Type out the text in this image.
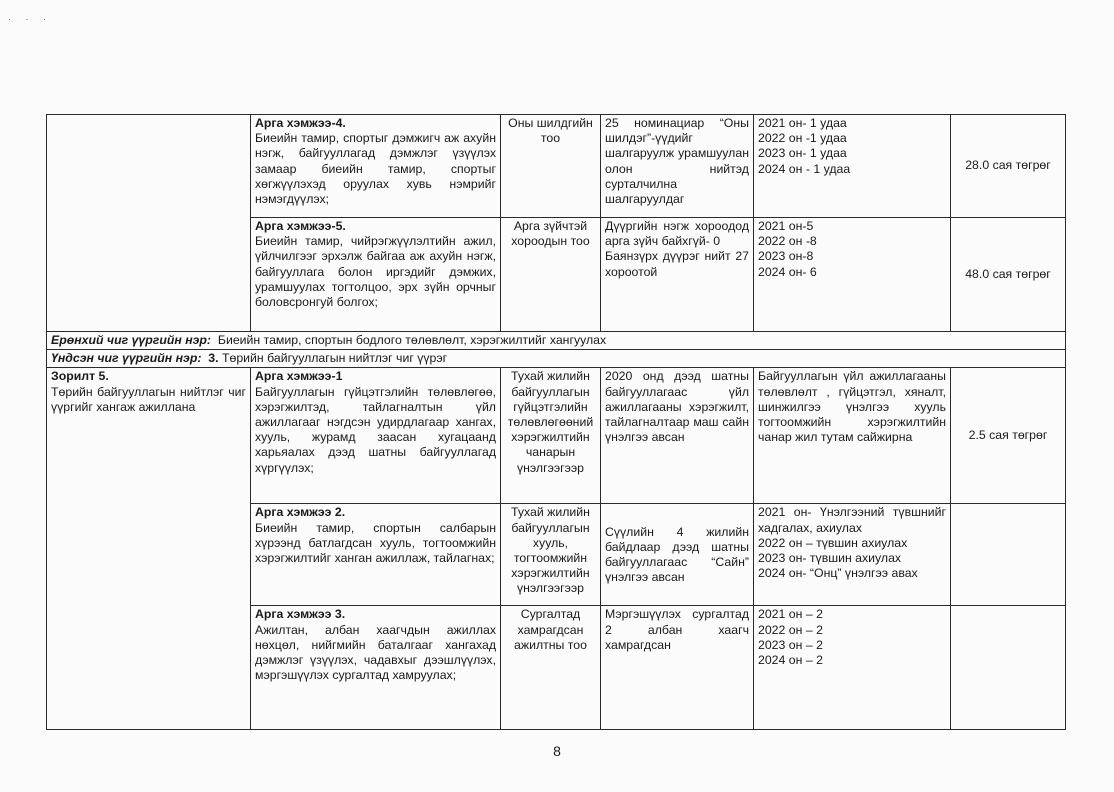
· · ·

	Арга хэмжээ-4.
Биеийн тамир, спортыг дэмжигч аж ахуйн нэгж, байгууллагад дэмжлэг үзүүлэх замаар биеийн тамир, спортыг хөгжүүлэхэд оруулах хувь нэмрийг нэмэгдүүлэх;	Оны шилдгийн тоо	25 номинациар “Оны шилдэг”-үүдийг шалгаруулж урамшуулан олон нийтэд сурталчилна шалгаруулдаг	2021 он- 1 удаа
2022 он -1 удаа
2023 он- 1 удаа
2024 он - 1 удаа	28.0 сая төгрөг

	Арга хэмжээ-5.
Биеийн тамир, чийрэгжүүлэлтийн ажил, үйлчилгээг эрхэлж байгаа аж ахуйн нэгж, байгууллага болон иргэдийг дэмжих, урамшуулах тогтолцоо, эрх зүйн орчныг боловсронгуй болгох;	Арга зүйчтэй хороодын тоо	Дүүргийн нэгж хороодод арга зүйч байхгүй- 0
Баянзүрх дүүрэг нийт 27 хороотой	2021 он-5
2022 он -8
2023 он-8
2024 он- 6	48.0 сая төгрөг
Ерөнхий чиг үүргийн нэр: Биеийн тамир, спортын бодлого төлөвлөлт, хэрэгжилтийг хангуулах					
Үндсэн чиг үүргийн нэр: 3. Төрийн байгууллагын нийтлэг чиг үүрэг					

Зорилт 5.
Төрийн байгууллагын нийтлэг чиг үүргийг хангаж ажиллана	Арга хэмжээ-1
Байгууллагын гүйцэтгэлийн төлөвлөгөө, хэрэгжилтэд, тайлагналтын үйл ажиллагааг нэгдсэн удирдлагаар хангах, хууль, журамд заасан хугацаанд харьяалах дээд шатны байгууллагад хүргүүлэх;	Тухай жилийн байгууллагын гүйцэтгэлийн төлөвлөгөөний хэрэгжилтийн чанарын үнэлгээгээр	2020 онд дээд шатны байгууллагаас үйл ажиллагааны хэрэгжилт, тайлагналтаар маш сайн үнэлгээ авсан	Байгууллагын үйл ажиллагааны төлөвлөлт , гүйцэтгэл, хяналт, шинжилгээ үнэлгээ хууль тогтоомжийн хэрэгжилтийн чанар жил тутам сайжирна	2.5 сая төгрөг

	Арга хэмжээ 2.
Биеийн тамир, спортын салбарын хүрээнд батлагдсан хууль, тогтоомжийн хэрэгжилтийг ханган ажиллаж, тайлагнах;	Тухай жилийн байгууллагын хууль, тогтоомжийн хэрэгжилтийн үнэлгээгээр	Сүүлийн 4 жилийн байдлаар дээд шатны байгууллагаас “Сайн” үнэлгээ авсан	2021 он- Үнэлгээний түвшнийг хадгалах, ахиулах
2022 он – түвшин ахиулах
2023 он- түвшин ахиулах
2024 он- “Онц” үнэлгээ авах	

	Арга хэмжээ 3.
Ажилтан, албан хаагчдын ажиллах нөхцөл, нийгмийн баталгааг хангахад дэмжлэг үзүүлэх, чадавхыг дээшлүүлэх, мэргэшүүлэх сургалтад хамруулах;	Сургалтад хамрагдсан ажилтны тоо	Мэргэшүүлэх сургалтад 2 албан хаагч хамрагдсан	2021 он – 2
2022 он – 2
2023 он – 2
2024 он – 2	

8
